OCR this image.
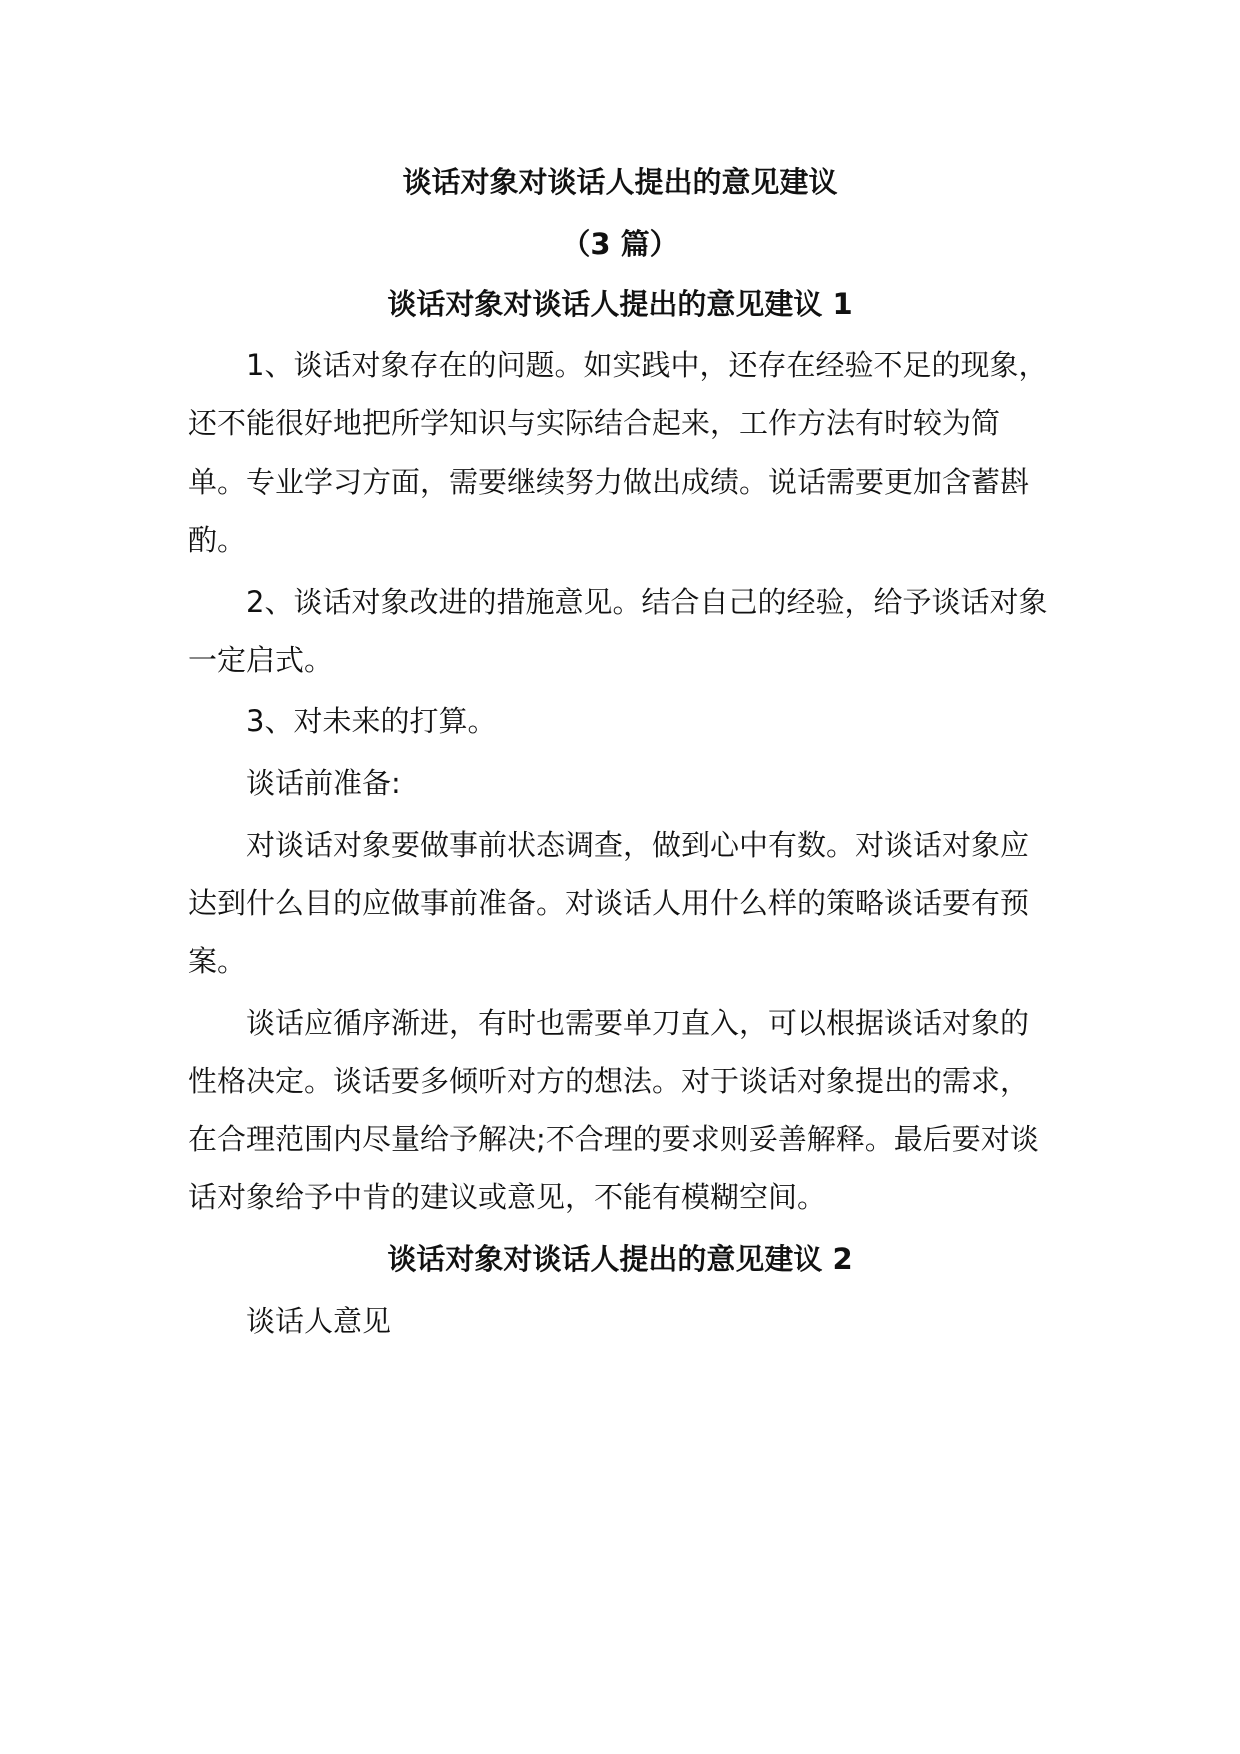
谈话对象对谈话人提出的意见建议
（3 篇）
谈话对象对谈话人提出的意见建议 1
1、谈话对象存在的问题。如实践中，还存在经验不足的现象，
还不能很好地把所学知识与实际结合起来，工作方法有时较为简
单。专业学习方面，需要继续努力做出成绩。说话需要更加含蓄斟
酌。
2、谈话对象改进的措施意见。结合自己的经验，给予谈话对象
一定启式。
3、对未来的打算。
谈话前准备:
对谈话对象要做事前状态调查，做到心中有数。对谈话对象应
达到什么目的应做事前准备。对谈话人用什么样的策略谈话要有预
案。
谈话应循序渐进，有时也需要单刀直入，可以根据谈话对象的
性格决定。谈话要多倾听对方的想法。对于谈话对象提出的需求，
在合理范围内尽量给予解决;不合理的要求则妥善解释。最后要对谈
话对象给予中肯的建议或意见，不能有模糊空间。
谈话对象对谈话人提出的意见建议 2
谈话人意见
